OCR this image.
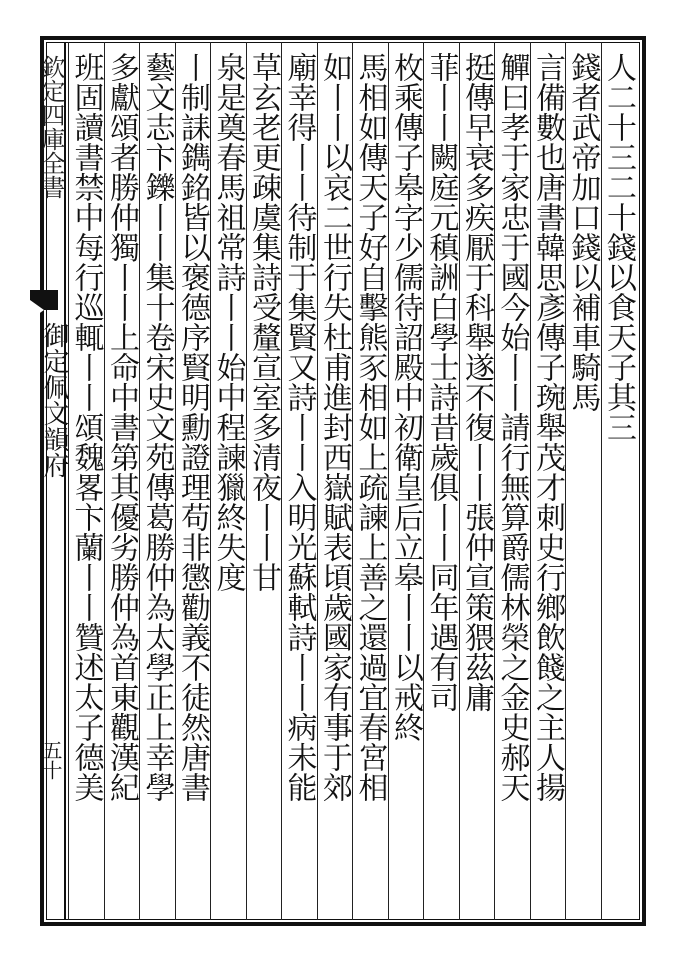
欽定四庫全書
御定佩文韻府
五十
人二十三二十錢以食天子其三
錢者武帝加口錢以補車騎馬
言備數也唐書韓思彥傳子琬舉茂才刺史行鄉飲餞之主人揚
觶曰孝于家忠于國今始丨丨請行無算爵儒林榮之金史郝天
挺傳早衰多疾厭于科舉遂不復丨丨張仲宣策猥茲庸
菲丨丨闕庭元稹詶白學士詩昔歲俱丨丨同年遇有司
枚乘傳子皋字少儒待詔殿中初衛皇后立皋丨丨以戒終
馬相如傳天子好自擊熊豕相如上疏諫上善之還過宜春宮相
如丨丨以哀二世行失杜甫進封西嶽賦表頃歲國家有事于郊
廟幸得丨丨待制于集賢又詩丨丨入明光蘇軾詩丨丨病未能
草玄老更疎虞集詩受釐宣室多清夜丨丨甘
泉是奠春馬祖常詩丨丨始中程諫獵終失度
丨制誄鐫銘皆以褒德序賢明勳證理苟非懲勸義不徒然唐書
藝文志卞鑠丨丨集十卷宋史文苑傳葛勝仲為太學正上幸學
多獻頌者勝仲獨丨丨上命中書第其優劣勝仲為首東觀漢紀
班固讀書禁中每行巡輒丨丨頌魏畧卞蘭丨丨贊述太子德美
